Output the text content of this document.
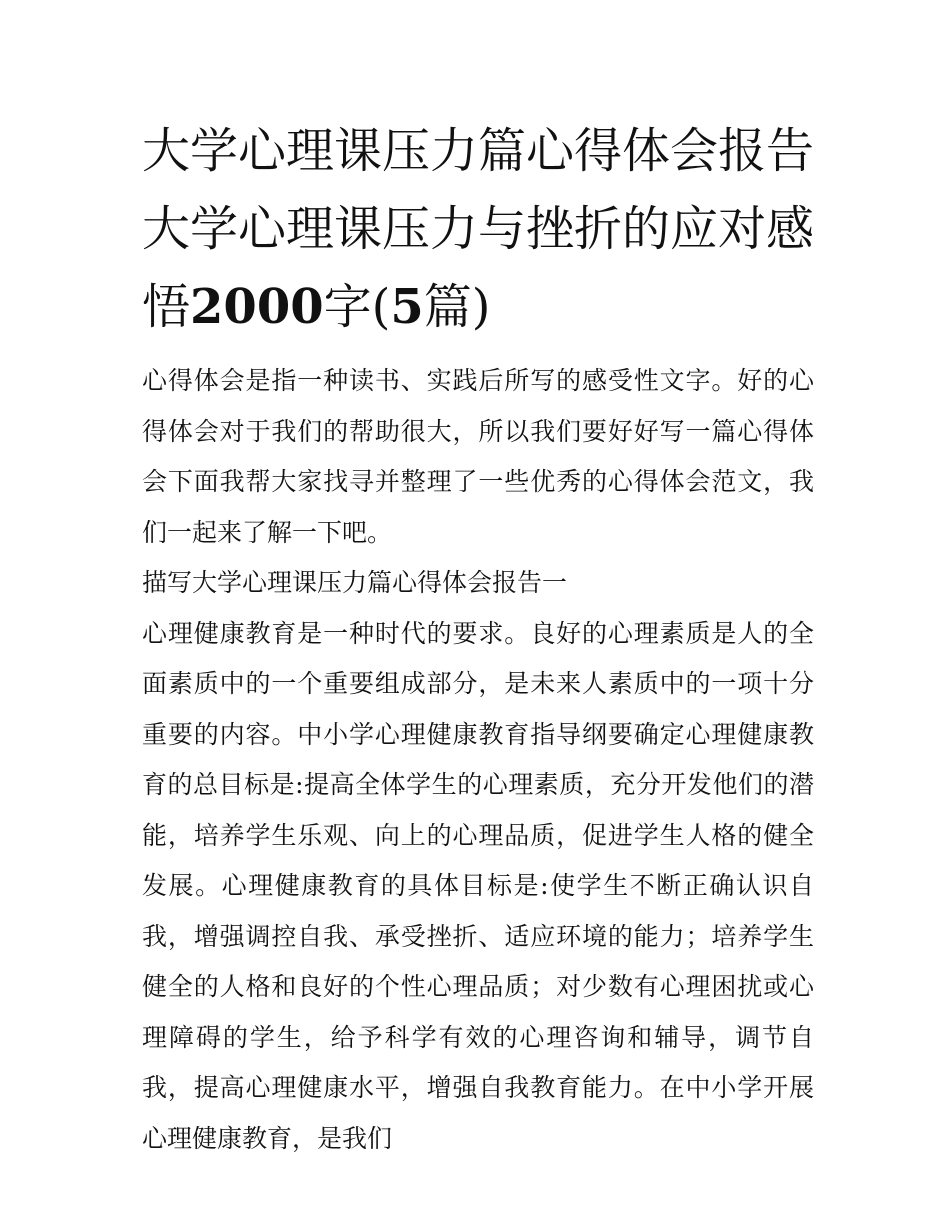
大学心理课压力篇心得体会报告 大学心理课压力与挫折的应对感悟2000字(5篇)

心得体会是指一种读书、实践后所写的感受性文字。好的心得体会对于我们的帮助很大，所以我们要好好写一篇心得体会下面我帮大家找寻并整理了一些优秀的心得体会范文，我们一起来了解一下吧。

描写大学心理课压力篇心得体会报告一

心理健康教育是一种时代的要求。良好的心理素质是人的全面素质中的一个重要组成部分，是未来人素质中的一项十分重要的内容。中小学心理健康教育指导纲要确定心理健康教育的总目标是:提高全体学生的心理素质，充分开发他们的潜能，培养学生乐观、向上的心理品质，促进学生人格的健全发展。心理健康教育的具体目标是:使学生不断正确认识自我，增强调控自我、承受挫折、适应环境的能力；培养学生健全的人格和良好的个性心理品质；对少数有心理困扰或心理障碍的学生，给予科学有效的心理咨询和辅导，调节自我，提高心理健康水平，增强自我教育能力。在中小学开展心理健康教育，是我们
